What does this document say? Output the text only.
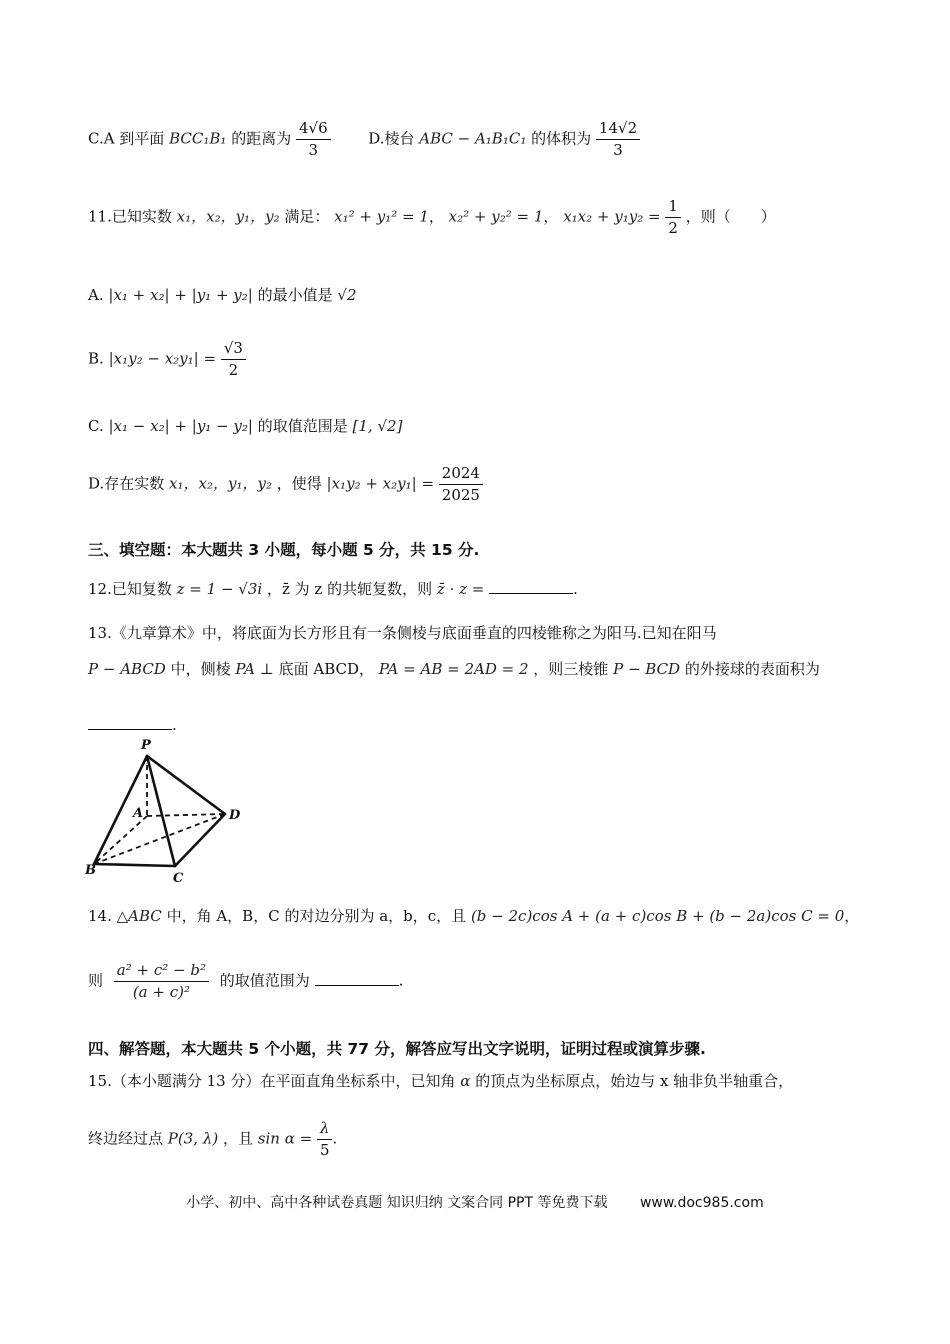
C.A 到平面 BCC₁B₁ 的距离为 $\frac{4√6}{3}$	D.棱台 ABC − A₁B₁C₁ 的体积为 $\frac{14√2}{3}$
11.已知实数 x₁，x₂，y₁，y₂ 满足： x₁² + y₁² = 1， x₂² + y₂² = 1， $x_1x_2 + y_1y_2 = \frac{1}{2}$ ，则（　　）
A. |x₁ + x₂| + |y₁ + y₂| 的最小值是 √2
B. $|x_1y_2 - x_2y_1| = \frac{√3}{2}$
C. |x₁ − x₂| + |y₁ − y₂| 的取值范围是 [1, √2]
D.存在实数 x₁，x₂，y₁，y₂ ，使得 $|x_1y_2 + x_2y_1| = \frac{2024}{2025}$
三、填空题：本大题共 3 小题，每小题 5 分，共 15 分.
12.已知复数 z = 1 − √3i ，z̄ 为 z 的共轭复数，则 z̄ · z =	.
13.《九章算术》中，将底面为长方形且有一条侧棱与底面垂直的四棱锥称之为阳马.已知在阳马
P − ABCD 中，侧棱 PA ⊥ 底面 ABCD， PA = AB = 2AD = 2 ，则三棱锥 P − BCD 的外接球的表面积为
.
P
A
B
C
D
14. △ABC 中，角 A，B，C 的对边分别为 a，b，c，且 (b − 2c)cos A + (a + c)cos B + (b − 2a)cos C = 0，
则 $\frac{\text{a² + c² − b²}}{\text{(a + c)²}}$ 的取值范围为	.
四、解答题，本大题共 5 个小题，共 77 分，解答应写出文字说明，证明过程或演算步骤.
15.（本小题满分 13 分）在平面直角坐标系中，已知角 α 的顶点为坐标原点，始边与 x 轴非负半轴重合，
终边经过点 P(3, λ) ，且 $\sin \alpha = \frac{\lambda}{5}$ .
小学、初中、高中各种试卷真题 知识归纳 文案合同 PPT 等免费下载 www.doc985.com
